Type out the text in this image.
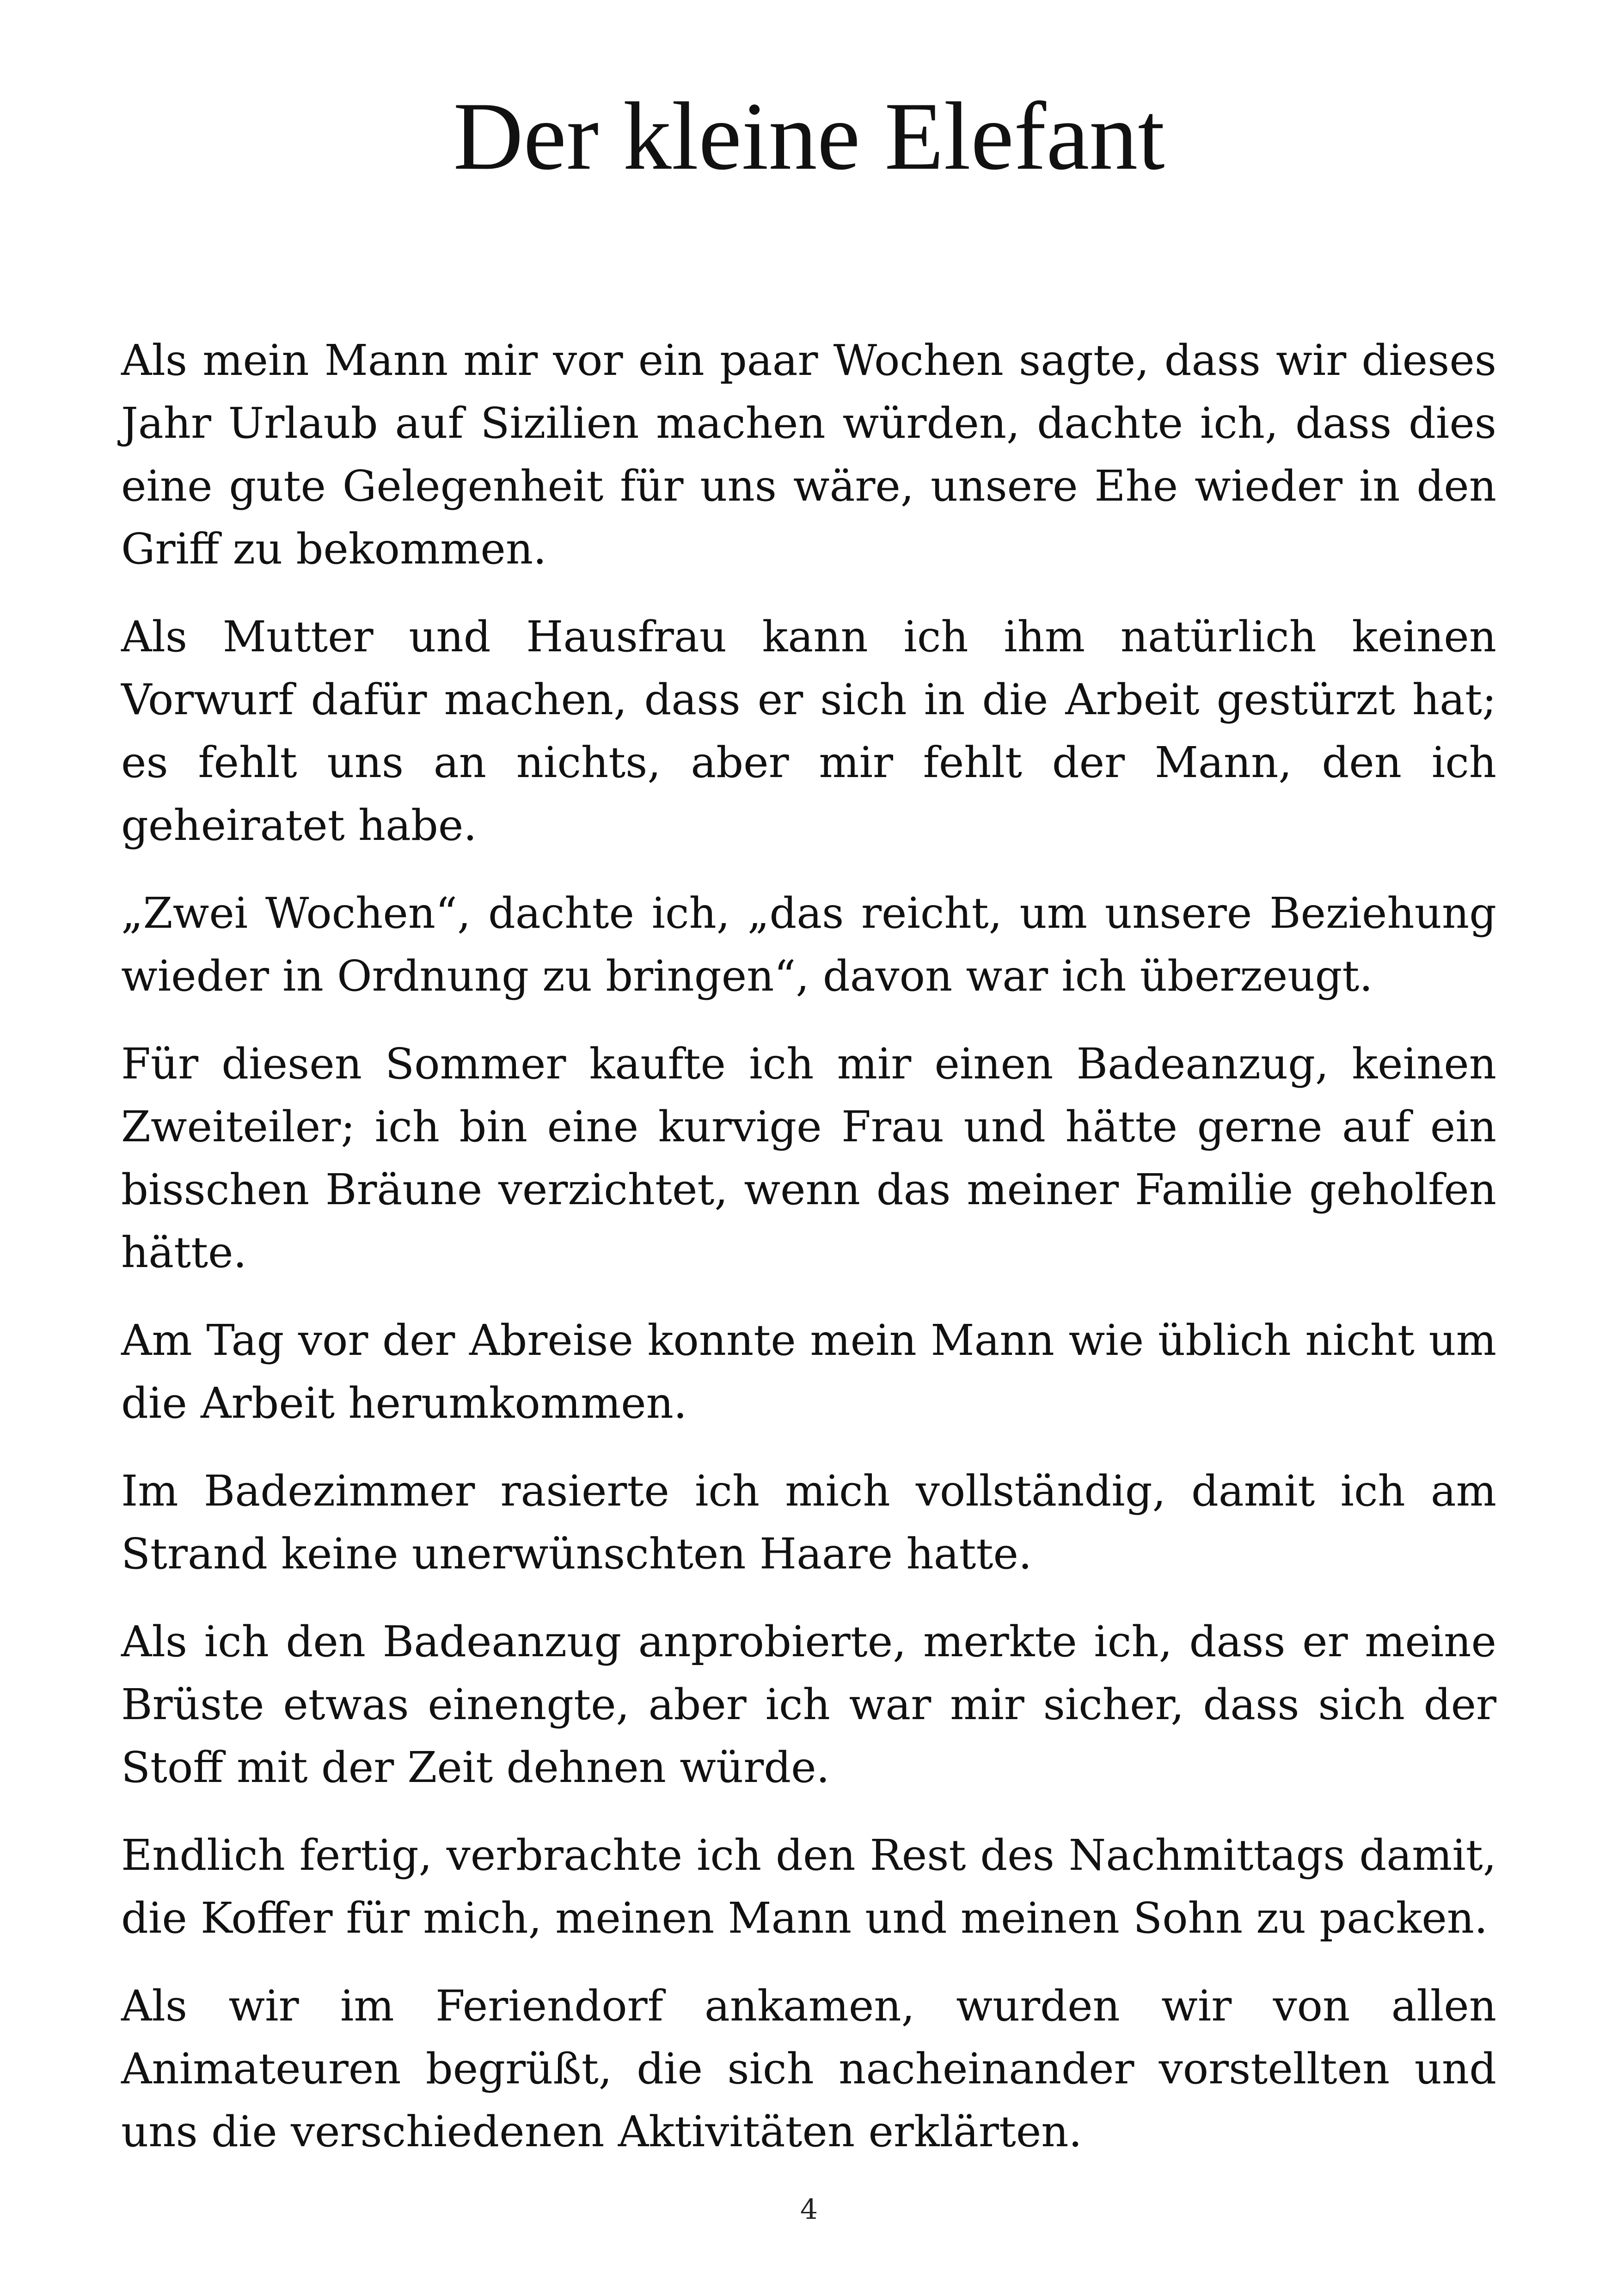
Der kleine Elefant

Als mein Mann mir vor ein paar Wochen sagte, dass wir dieses Jahr Urlaub auf Sizilien machen würden, dachte ich, dass dies eine gute Gelegenheit für uns wäre, unsere Ehe wieder in den Griff zu bekommen.

Als Mutter und Hausfrau kann ich ihm natürlich keinen Vorwurf dafür machen, dass er sich in die Arbeit gestürzt hat; es fehlt uns an nichts, aber mir fehlt der Mann, den ich geheiratet habe.

„Zwei Wochen“, dachte ich, „das reicht, um unsere Beziehung wieder in Ordnung zu bringen“, davon war ich überzeugt.

Für diesen Sommer kaufte ich mir einen Badeanzug, keinen Zweiteiler; ich bin eine kurvige Frau und hätte gerne auf ein bisschen Bräune verzichtet, wenn das meiner Familie geholfen hätte.

Am Tag vor der Abreise konnte mein Mann wie üblich nicht um die Arbeit herumkommen.

Im Badezimmer rasierte ich mich vollständig, damit ich am Strand keine unerwünschten Haare hatte.

Als ich den Badeanzug anprobierte, merkte ich, dass er meine Brüste etwas einengte, aber ich war mir sicher, dass sich der Stoff mit der Zeit dehnen würde.

Endlich fertig, verbrachte ich den Rest des Nachmittags damit, die Koffer für mich, meinen Mann und meinen Sohn zu packen.

Als wir im Feriendorf ankamen, wurden wir von allen Animateuren begrüßt, die sich nacheinander vorstellten und uns die verschiedenen Aktivitäten erklärten.

4
